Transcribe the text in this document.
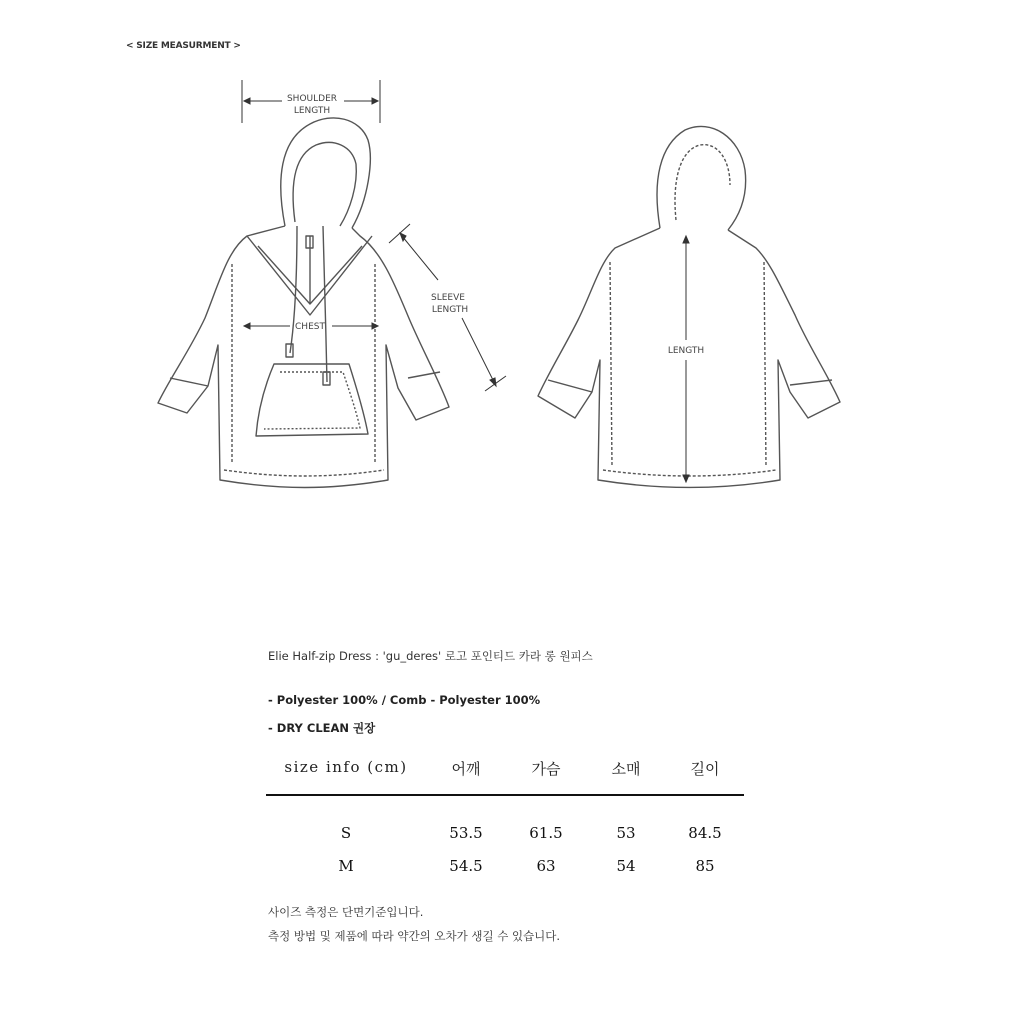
< SIZE MEASURMENT >
SHOULDER
LENGTH
CHEST
SLEEVE
LENGTH
LENGTH
Elie Half-zip Dress : 'gu_deres' 로고 포인티드 카라 롱 원피스
- Polyester 100% / Comb - Polyester 100%
- DRY CLEAN 권장
size info (cm)	어깨	가슴	소매	길이
S	53.5	61.5	53	84.5
M	54.5	63	54	85
사이즈 측정은 단면기준입니다.
측정 방법 및 제품에 따라 약간의 오차가 생길 수 있습니다.
